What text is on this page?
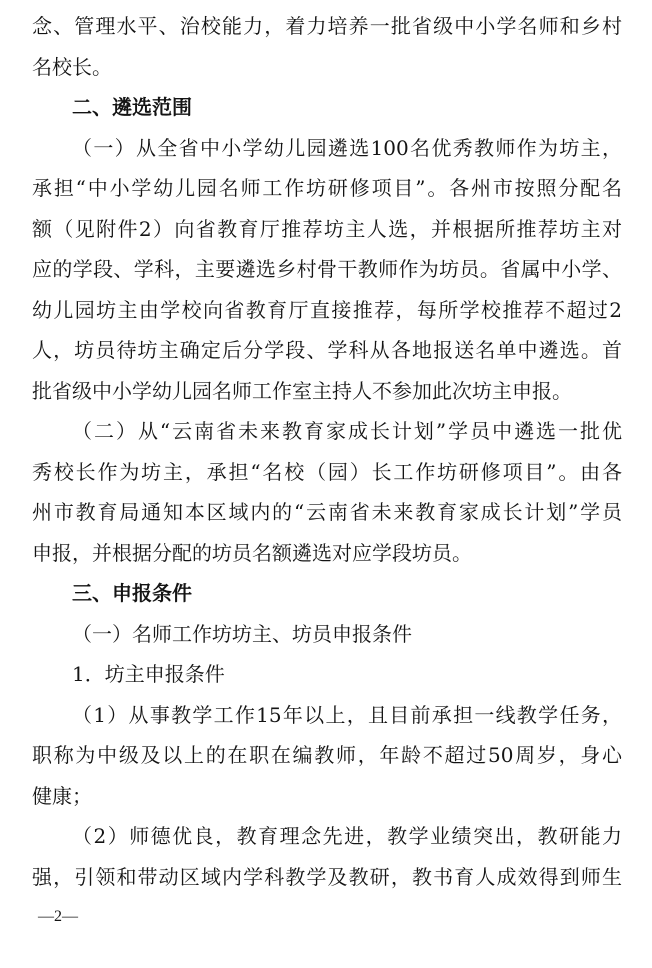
念、管理水平、治校能力，着力培养一批省级中小学名师和乡村
名校长。
二、遴选范围
（一）从全省中小学幼儿园遴选100名优秀教师作为坊主，
承担“中小学幼儿园名师工作坊研修项目”。各州市按照分配名
额（见附件2）向省教育厅推荐坊主人选，并根据所推荐坊主对
应的学段、学科，主要遴选乡村骨干教师作为坊员。省属中小学、
幼儿园坊主由学校向省教育厅直接推荐，每所学校推荐不超过2
人，坊员待坊主确定后分学段、学科从各地报送名单中遴选。首
批省级中小学幼儿园名师工作室主持人不参加此次坊主申报。
（二）从“云南省未来教育家成长计划”学员中遴选一批优
秀校长作为坊主，承担“名校（园）长工作坊研修项目”。由各
州市教育局通知本区域内的“云南省未来教育家成长计划”学员
申报，并根据分配的坊员名额遴选对应学段坊员。
三、申报条件
（一）名师工作坊坊主、坊员申报条件
1．坊主申报条件
（1）从事教学工作15年以上，且目前承担一线教学任务，
职称为中级及以上的在职在编教师，年龄不超过50周岁，身心
健康；
（2）师德优良，教育理念先进，教学业绩突出，教研能力
强，引领和带动区域内学科教学及教研，教书育人成效得到师生
—2—
